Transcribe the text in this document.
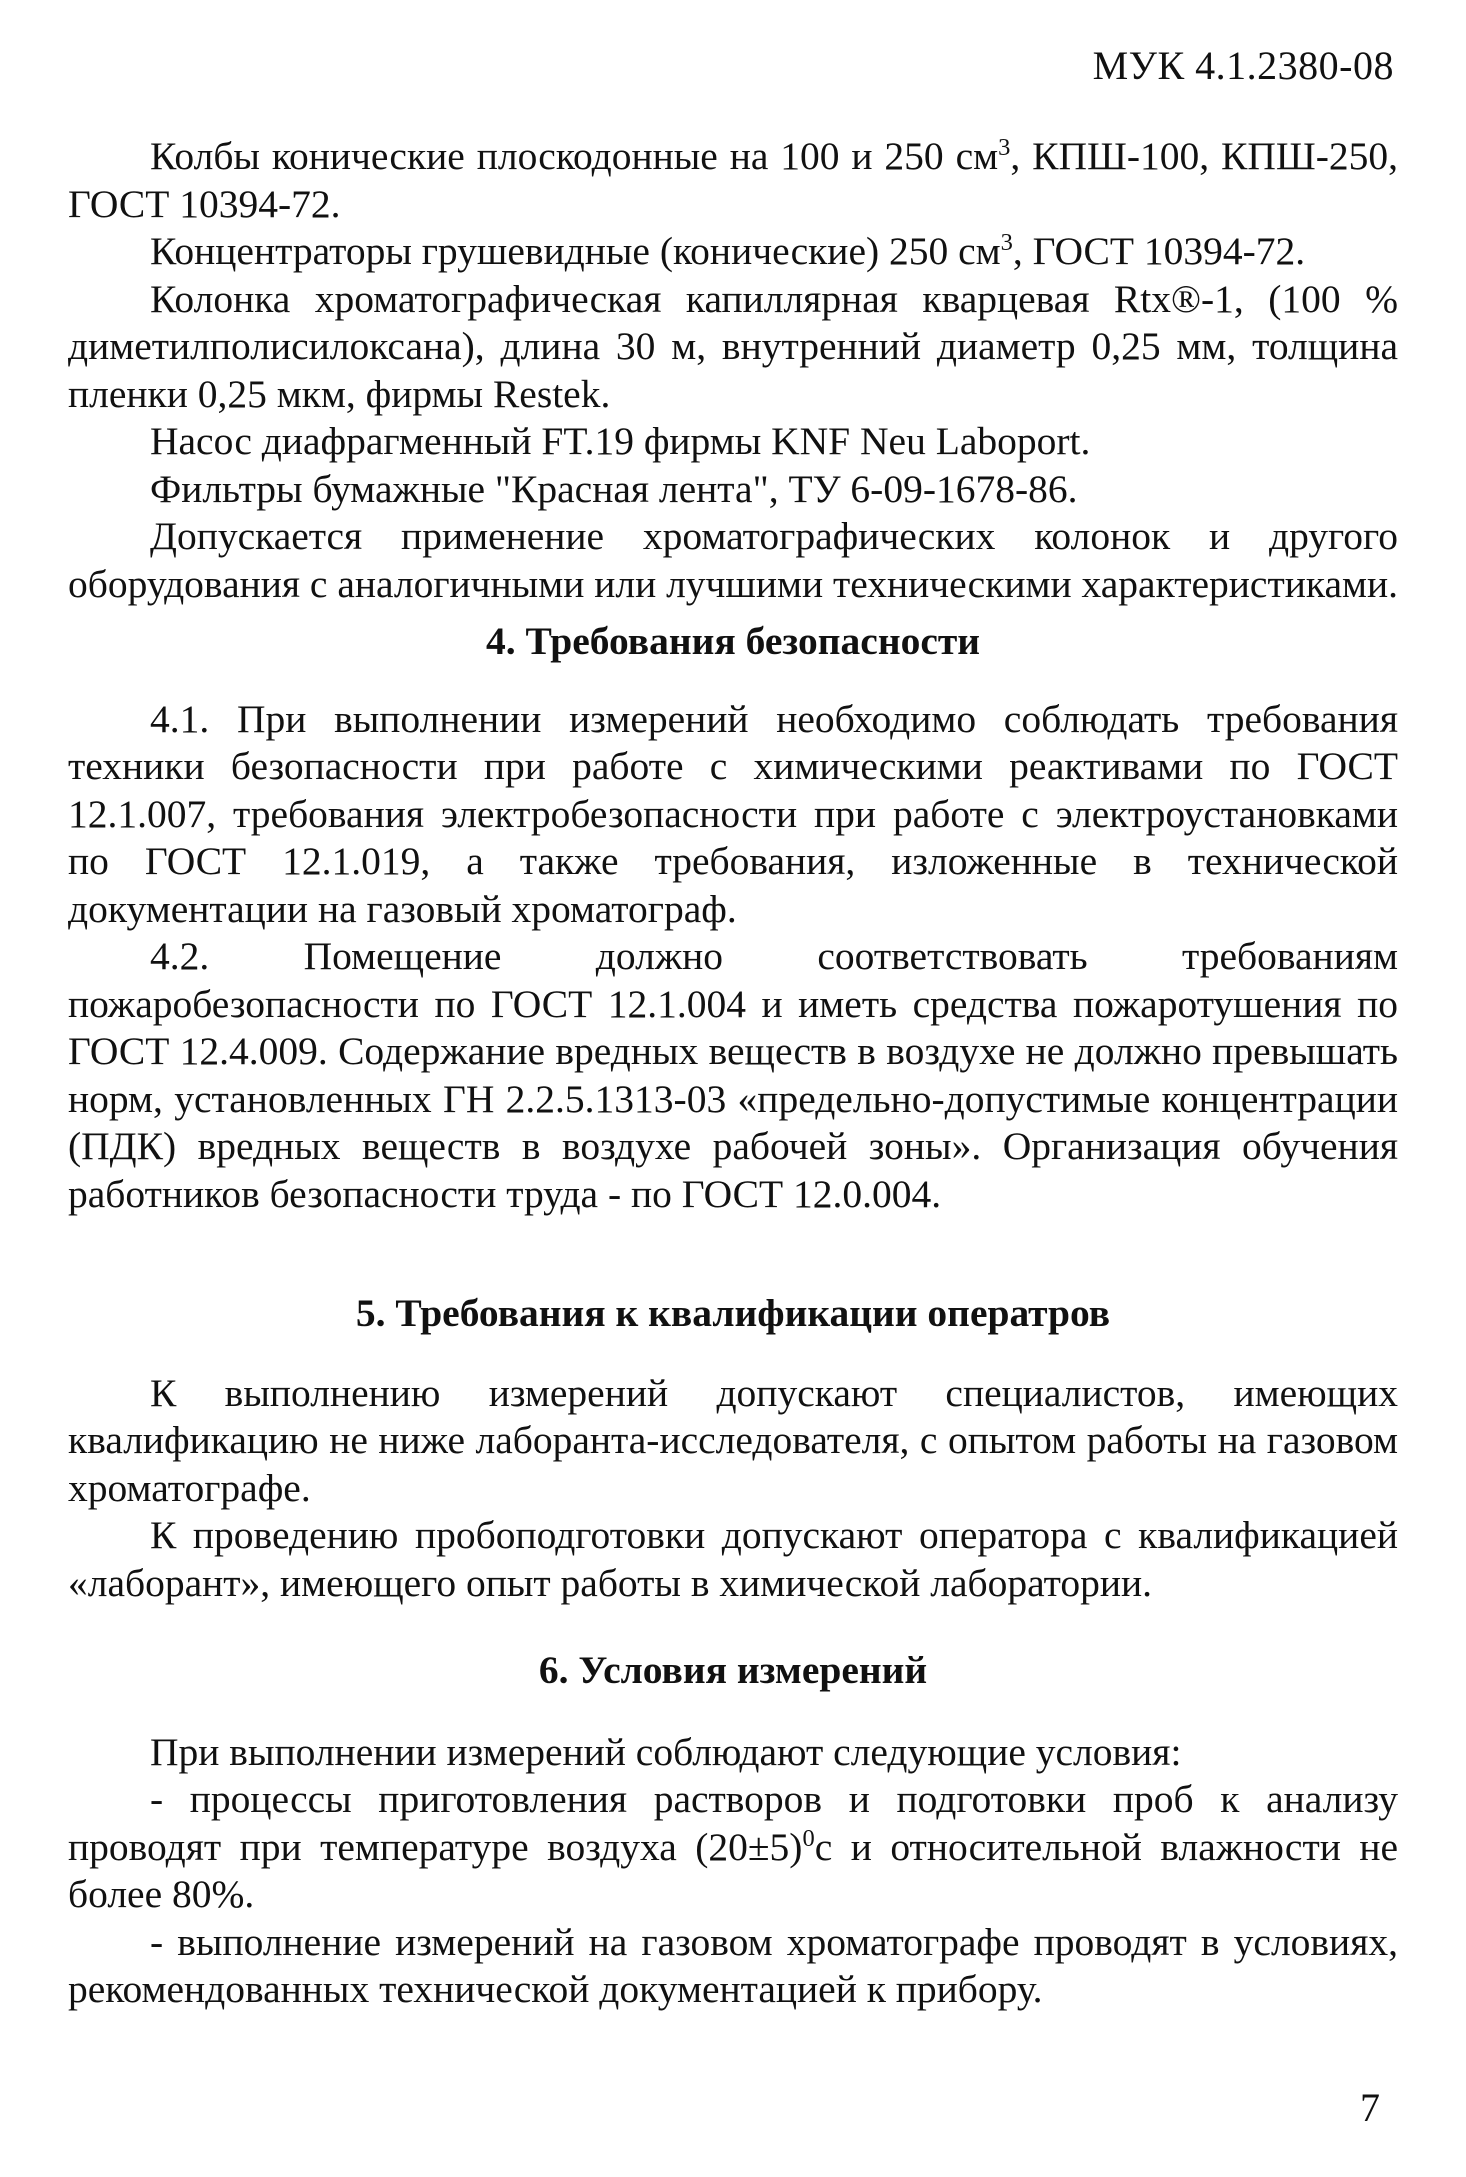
МУК 4.1.2380-08

Колбы конические плоскодонные на 100 и 250 $см^3$, КПШ-100, КПШ-250, ГОСТ 10394-72.

Концентраторы грушевидные (конические) 250 $см^3$, ГОСТ 10394-72.

Колонка хроматографическая капиллярная кварцевая Rtx®-1, (100 % диметилполисилоксана), длина 30 м, внутренний диаметр 0,25 мм, толщина пленки 0,25 мкм, фирмы Restek.

Насос диафрагменный FT.19 фирмы KNF Neu Laboport.

Фильтры бумажные "Красная лента", ТУ 6-09-1678-86.

Допускается применение хроматографических колонок и другого оборудования с аналогичными или лучшими техническими характеристиками.

4. Требования безопасности

4.1. При выполнении измерений необходимо соблюдать требования техники безопасности при работе с химическими реактивами по ГОСТ 12.1.007, требования электробезопасности при работе с электроустановками по ГОСТ 12.1.019, а также требования, изложенные в технической документации на газовый хроматограф.

4.2. Помещение должно соответствовать требованиям пожаробезопасности по ГОСТ 12.1.004 и иметь средства пожаротушения по ГОСТ 12.4.009. Содержание вредных веществ в воздухе не должно превышать норм, установленных ГН 2.2.5.1313-03 «предельно-допустимые концентрации (ПДК) вредных веществ в воздухе рабочей зоны». Организация обучения работников безопасности труда - по ГОСТ 12.0.004.

5. Требования к квалификации оператров

К выполнению измерений допускают специалистов, имеющих квалификацию не ниже лаборанта-исследователя, с опытом работы на газовом хроматографе.

К проведению пробоподготовки допускают оператора с квалификацией «лаборант», имеющего опыт работы в химической лаборатории.

6. Условия измерений

При выполнении измерений соблюдают следующие условия:

- процессы приготовления растворов и подготовки проб к анализу проводят при температуре воздуха $(20\pm 5)^0с$ и относительной влажности не более 80%.

- выполнение измерений на газовом хроматографе проводят в условиях, рекомендованных технической документацией к прибору.

7
